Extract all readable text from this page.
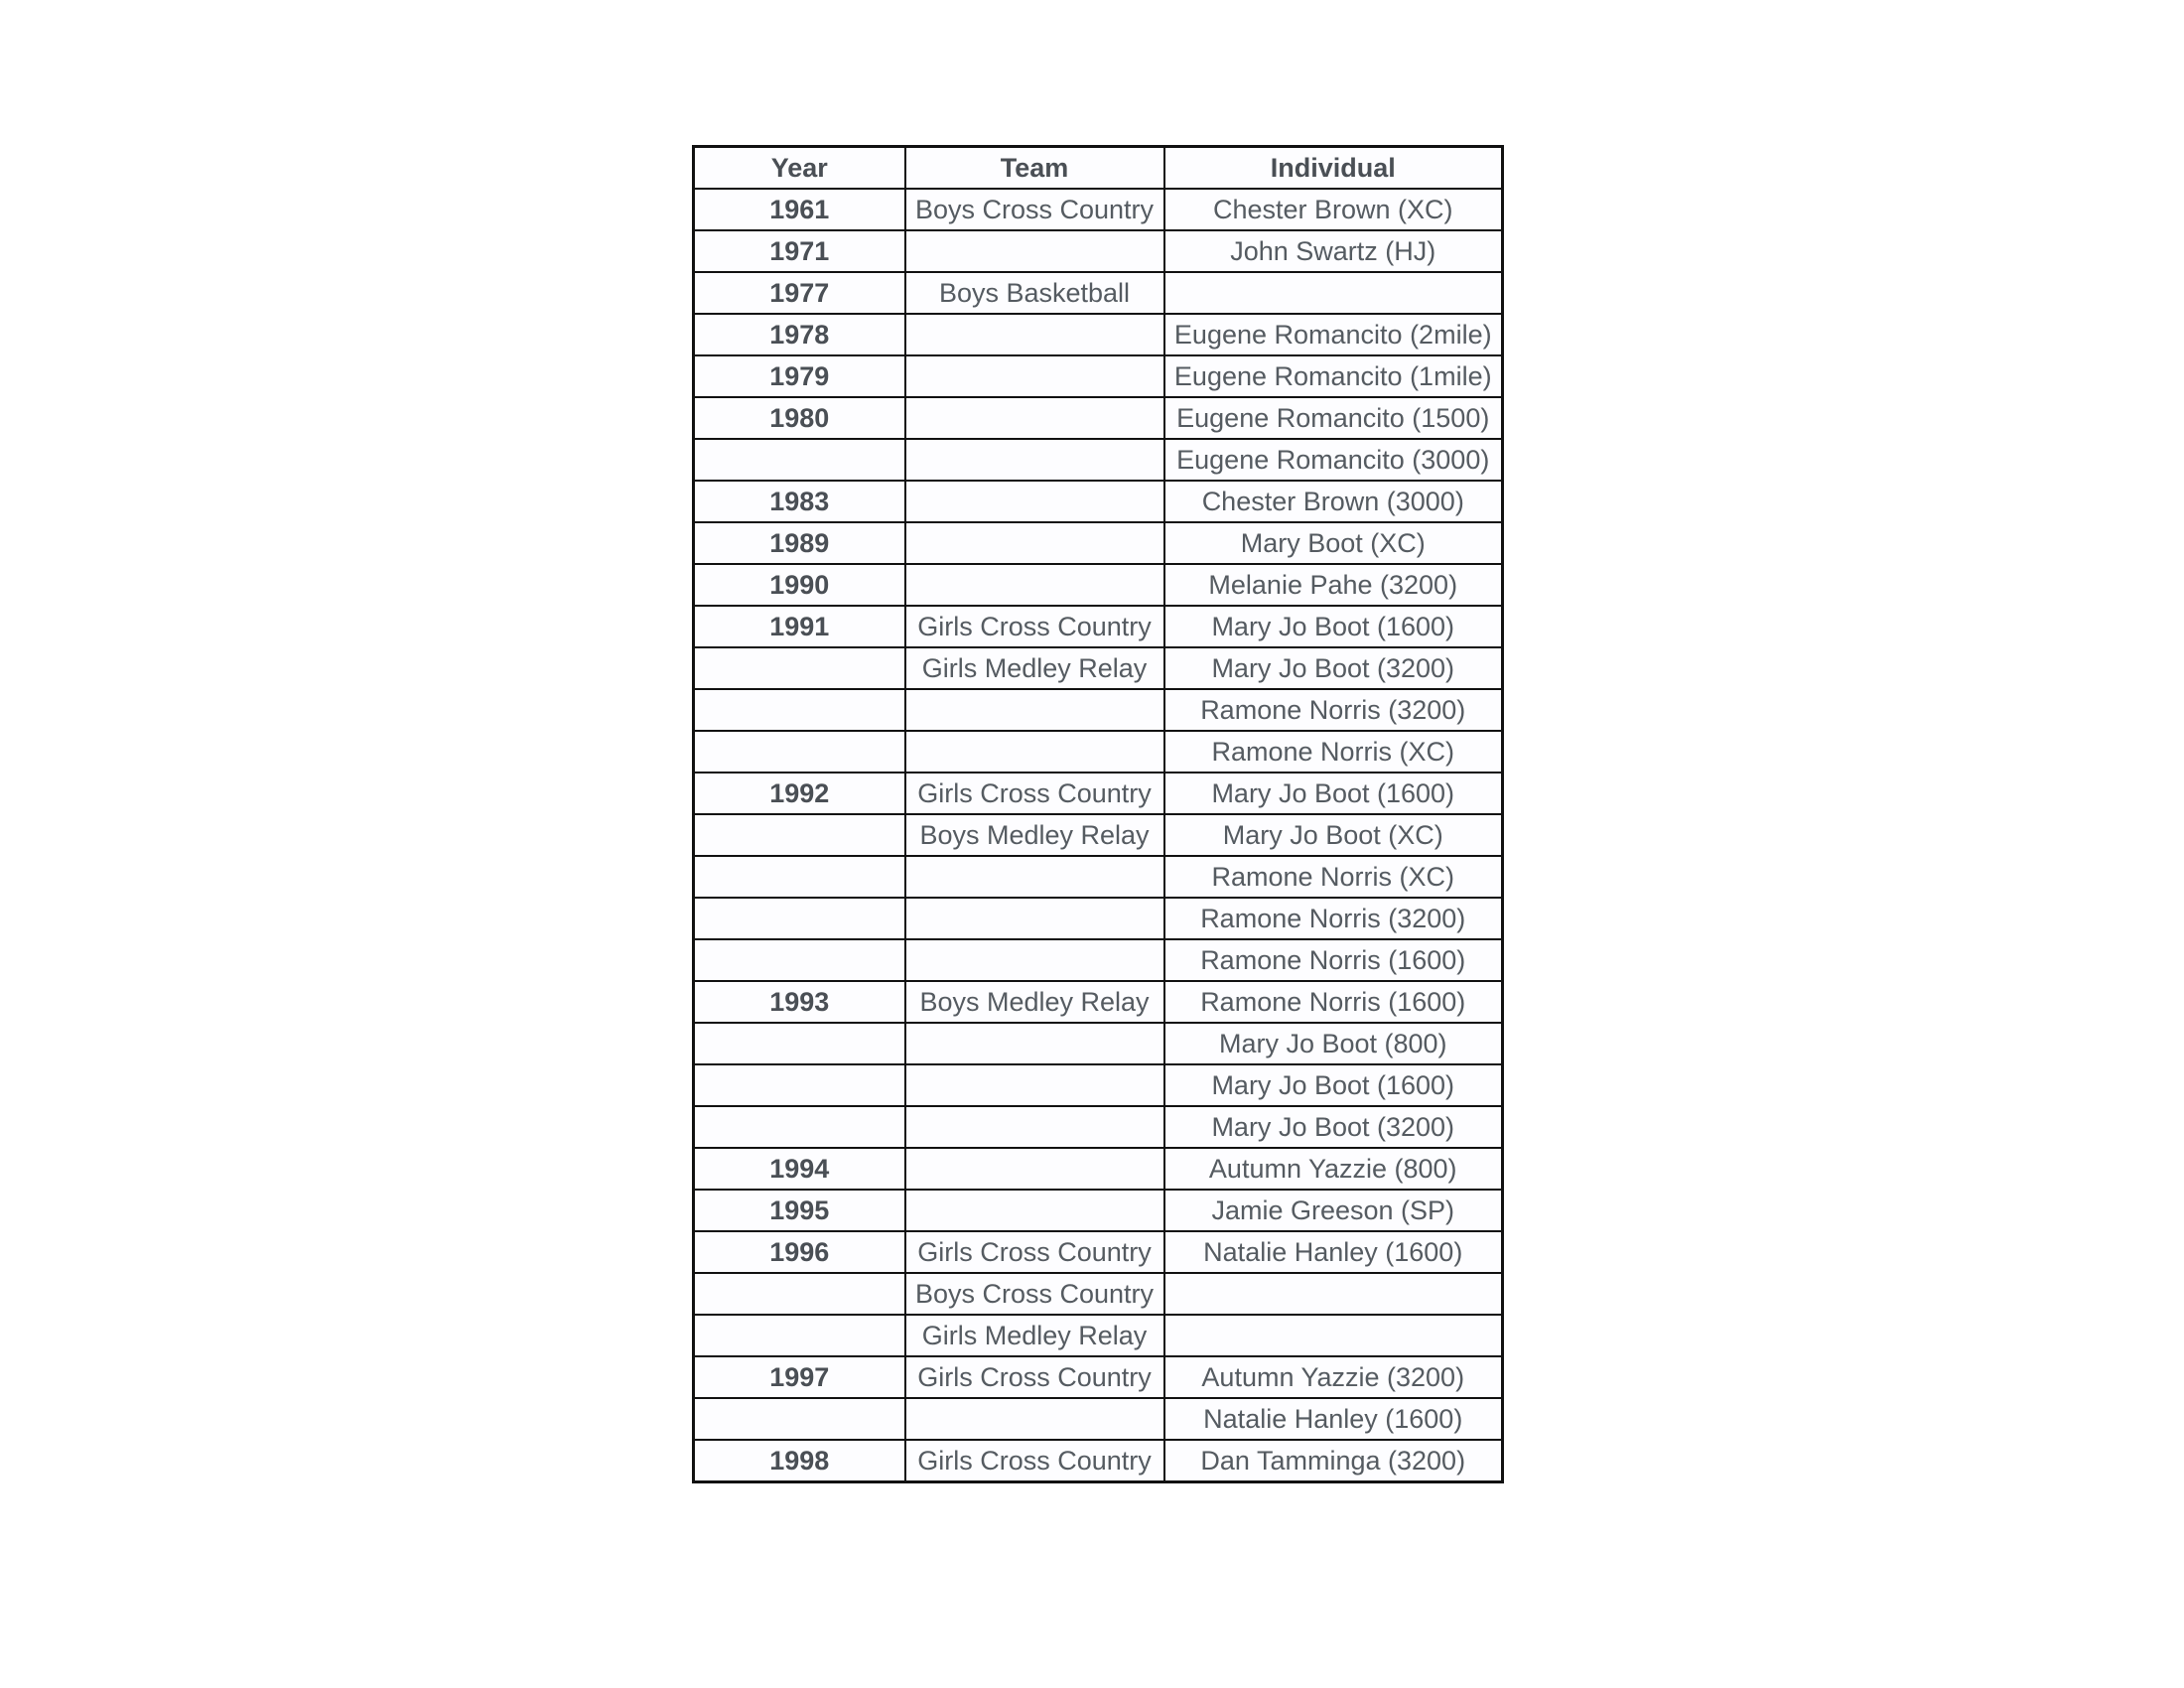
Year	Team	Individual
1961	Boys Cross Country	Chester Brown (XC)
1971		John Swartz (HJ)
1977	Boys Basketball	
1978		Eugene Romancito (2mile)
1979		Eugene Romancito (1mile)
1980		Eugene Romancito (1500)
		Eugene Romancito (3000)
1983		Chester Brown (3000)
1989		Mary Boot (XC)
1990		Melanie Pahe (3200)
1991	Girls Cross Country	Mary Jo Boot (1600)
	Girls Medley Relay	Mary Jo Boot (3200)
		Ramone Norris (3200)
		Ramone Norris (XC)
1992	Girls Cross Country	Mary Jo Boot (1600)
	Boys Medley Relay	Mary Jo Boot (XC)
		Ramone Norris (XC)
		Ramone Norris (3200)
		Ramone Norris (1600)
1993	Boys Medley Relay	Ramone Norris (1600)
		Mary Jo Boot (800)
		Mary Jo Boot (1600)
		Mary Jo Boot (3200)
1994		Autumn Yazzie (800)
1995		Jamie Greeson (SP)
1996	Girls Cross Country	Natalie Hanley (1600)
	Boys Cross Country	
	Girls Medley Relay	
1997	Girls Cross Country	Autumn Yazzie (3200)
		Natalie Hanley (1600)
1998	Girls Cross Country	Dan Tamminga (3200)
